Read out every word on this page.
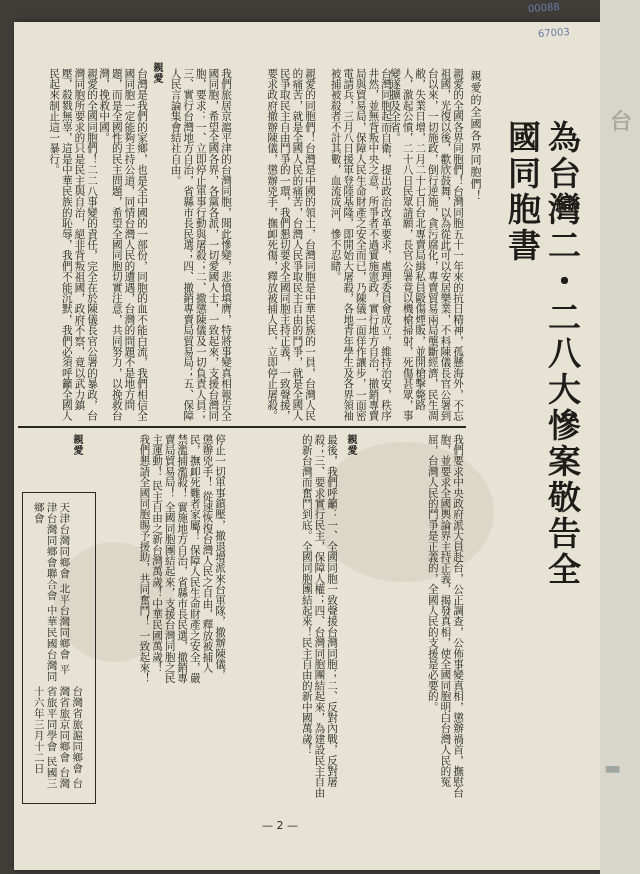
為台灣二・二八大慘案敬告全國同胞書
親愛的全國各界同胞們！
親愛的全國各界同胞們！台灣同胞五十一年來的抗日精神，孤懸海外，不忘祖國，光復以後，歡欣鼓舞，以為從此可以安居樂業，不料陳儀長官公署到台以來，一切施政，倒行逆施，貪污腐化，專賣貿易兩局壟斷經濟，民生凋敝，失業日增，二月二十七日台北專賣局緝私員毆傷煙販，並開槍擊斃路人，激起公憤，二十八日民眾請願，長官公署竟以機槍掃射，死傷甚眾，事變遂擴及全省。
台灣同胞起而自衛，提出政治改革要求，處理委員會成立，維持治安，秩序井然，並無背叛中央之意，所爭者不過實施憲政，實行地方自治，撤銷專賣局與貿易局，保障人民生命財產之安全而已，乃陳儀一面佯作讓步，一面密電請兵，三月八日援軍登陸基隆，即開始大屠殺，各地青年學生及各界領袖被捕被殺者不計其數，血流成河，慘不忍睹。
親愛的同胞們！台灣是中國的領土，台灣同胞是中華民族的一員，台灣人民的痛苦，就是全國人民的痛苦，台灣人民爭取民主自由的鬥爭，就是全國人民爭取民主自由鬥爭的一環，我們懇切要求全國同胞主持正義，一致聲援，要求政府撤辦陳儀，懲辦兇手，撫卹死傷，釋放被捕人民，立即停止屠殺。
我們旅居京滬平津的台灣同胞，聞此慘變，悲憤填膺，特將事變真相報告全國同胞，希望全國各界，各黨各派，一切愛國人士，一致起來，支援台灣同胞，要求：一、立即停止軍事行動與屠殺；二、撤懲陳儀及一切負責人員；三、實行台灣地方自治，省縣市長民選；四、撤銷專賣局貿易局；五、保障人民言論集會結社自由。
親愛
台灣是我們的家鄉，也是全中國的一部份，同胞的血不能白流，我們相信全國同胞一定能夠主持公道，同情台灣人民的遭遇，台灣的問題不是地方問題，而是全國性的民主問題，希望全國同胞切實注意，共同努力，以挽救台灣，挽救中國。
親愛的全國同胞們！二二八事變的責任，完全在於陳儀長官公署的暴政，台灣同胞所要求的只是民主與自治，絕非背叛祖國，政府不察，竟以武力鎮壓，殺戮無辜，這是中華民族的恥辱，我們不能沉默，我們必須呼籲全國人民起來制止這一暴行。
親愛	我們要求中央政府派大員赴台，公正調查，公佈事變真相，懲辦禍首，撫慰台胞，並要求全國輿論界主持正義，揭發真相，使全國同胞明白台灣人民的冤屈，台灣人民的鬥爭是正義的，全國人民的支援是必要的。
最後，我們呼籲：一、全國同胞一致聲援台灣同胞；二、反對內戰，反對屠殺；三、要求實行民主，保障人權；四、台灣同胞團結起來，為建設民主自由的新台灣而奮鬥到底。全國同胞團結起來！民主自由的新中國萬歲！
停止一切軍事鎮壓，撤退增派來台軍隊，撤辦陳儀，懲辦兇手！ 從速恢復台灣人民之自由，釋放被捕人民，撫卹死難者家屬！ 保障人民生命財產之安全，嚴禁濫捕濫殺！ 實施地方自治，省縣市長民選，撤銷專賣局貿易局！ 全國同胞團結起來，支援台灣同胞之民主運動！ 民主自由之新台灣萬歲！中華民國萬歲！ 我們懇請全國同胞賜予援助，共同奮鬥！ 一致起來！
親愛
天津台灣同鄉會 北平台灣同鄉會 平津台灣同鄉會聯合會 中華民國台灣同鄉會
台灣省旅滬同鄉會 台灣省旅京同鄉會 台灣省旅平同學會 民國三十六年三月十二日
— 2 —
台
▬
00088
67003
